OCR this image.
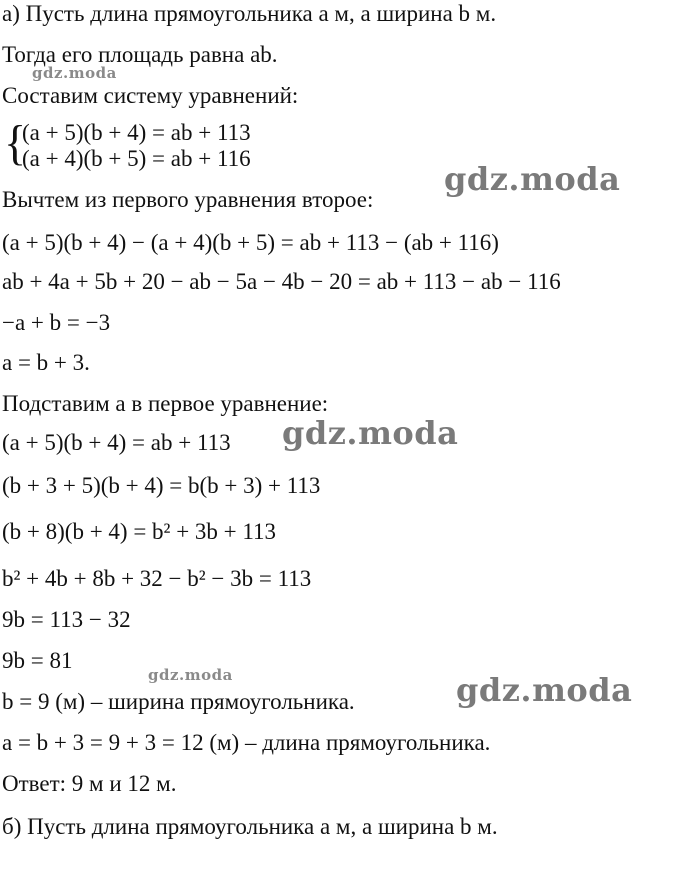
а) Пусть длина прямоугольника a м, а ширина b м.
Тогда его площадь равна ab.
Составим систему уравнений:
{
(a + 5)(b + 4) = ab + 113
(a + 4)(b + 5) = ab + 116
Вычтем из первого уравнения второе:
(a + 5)(b + 4) − (a + 4)(b + 5) = ab + 113 − (ab + 116)
ab + 4a + 5b + 20 − ab − 5a − 4b − 20 = ab + 113 − ab − 116
−a + b = −3
a = b + 3.
Подставим a в первое уравнение:
(a + 5)(b + 4) = ab + 113
(b + 3 + 5)(b + 4) = b(b + 3) + 113
(b + 8)(b + 4) = b² + 3b + 113
b² + 4b + 8b + 32 − b² − 3b = 113
9b = 113 − 32
9b = 81
b = 9 (м) – ширина прямоугольника.
a = b + 3 = 9 + 3 = 12 (м) – длина прямоугольника.
Ответ: 9 м и 12 м.
б) Пусть длина прямоугольника a м, а ширина b м.
gdz.moda
gdz.moda
gdz.moda
gdz.moda	gdz.moda
